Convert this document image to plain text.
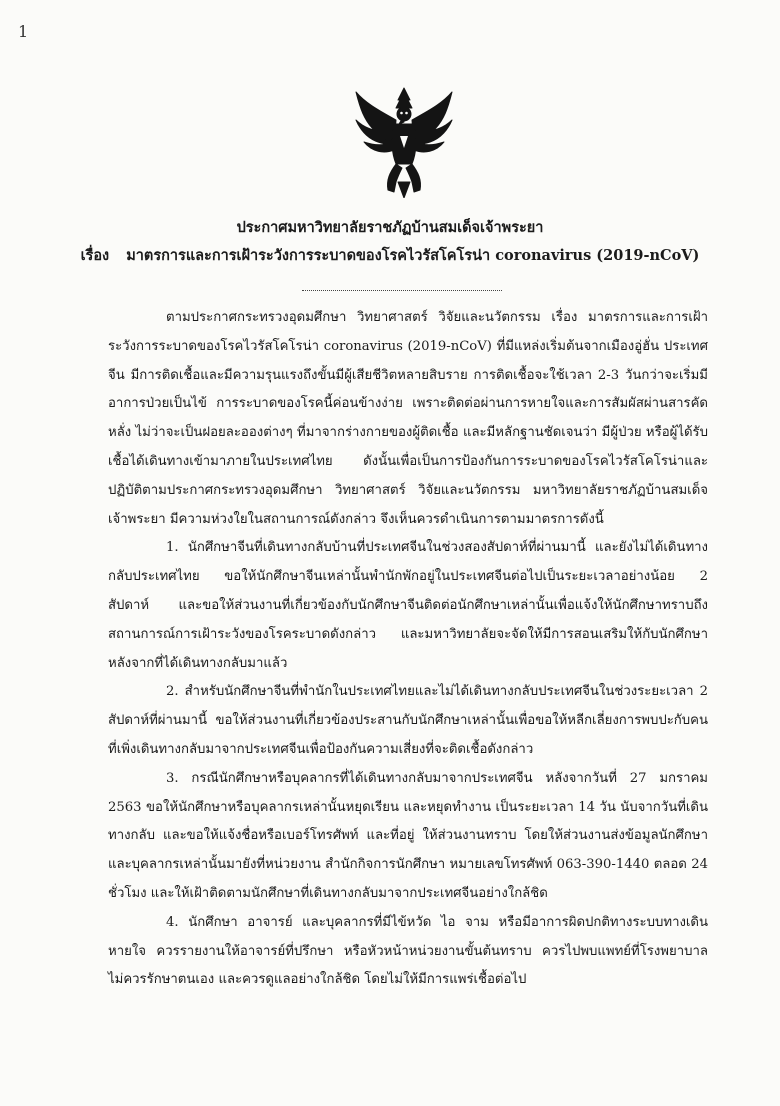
1
ประกาศมหาวิทยาลัยราชภัฏบ้านสมเด็จเจ้าพระยา
เรื่อง มาตรการและการเฝ้าระวังการระบาดของโรคไวรัสโคโรน่า coronavirus (2019-nCoV)

ตามประกาศกระทรวงอุดมศึกษา วิทยาศาสตร์ วิจัยและนวัตกรรม เรื่อง มาตรการและการเฝ้าระวังการระบาดของโรคไวรัสโคโรน่า coronavirus (2019-nCoV) ที่มีแหล่งเริ่มต้นจากเมืองอู่ฮั่น ประเทศจีน มีการติดเชื้อและมีความรุนแรงถึงขั้นมีผู้เสียชีวิตหลายสิบราย การติดเชื้อจะใช้เวลา 2-3 วันกว่าจะเริ่มมีอาการป่วยเป็นไข้ การระบาดของโรคนี้ค่อนข้างง่าย เพราะติดต่อผ่านการหายใจและการสัมผัสผ่านสารคัดหลั่ง ไม่ว่าจะเป็นฝอยละอองต่างๆ ที่มาจากร่างกายของผู้ติดเชื้อ และมีหลักฐานชัดเจนว่า มีผู้ป่วย หรือผู้ได้รับเชื้อได้เดินทางเข้ามาภายในประเทศไทย ดังนั้นเพื่อเป็นการป้องกันการระบาดของโรคไวรัสโคโรน่าและปฏิบัติตามประกาศกระทรวงอุดมศึกษา วิทยาศาสตร์ วิจัยและนวัตกรรม มหาวิทยาลัยราชภัฏบ้านสมเด็จเจ้าพระยา มีความห่วงใยในสถานการณ์ดังกล่าว จึงเห็นควรดำเนินการตามมาตรการดังนี้

1. นักศึกษาจีนที่เดินทางกลับบ้านที่ประเทศจีนในช่วงสองสัปดาห์ที่ผ่านมานี้ และยังไม่ได้เดินทางกลับประเทศไทย ขอให้นักศึกษาจีนเหล่านั้นพำนักพักอยู่ในประเทศจีนต่อไปเป็นระยะเวลาอย่างน้อย 2 สัปดาห์ และขอให้ส่วนงานที่เกี่ยวข้องกับนักศึกษาจีนติดต่อนักศึกษาเหล่านั้นเพื่อแจ้งให้นักศึกษาทราบถึงสถานการณ์การเฝ้าระวังของโรคระบาดดังกล่าว และมหาวิทยาลัยจะจัดให้มีการสอนเสริมให้กับนักศึกษาหลังจากที่ได้เดินทางกลับมาแล้ว

2. สำหรับนักศึกษาจีนที่พำนักในประเทศไทยและไม่ได้เดินทางกลับประเทศจีนในช่วงระยะเวลา 2 สัปดาห์ที่ผ่านมานี้ ขอให้ส่วนงานที่เกี่ยวข้องประสานกับนักศึกษาเหล่านั้นเพื่อขอให้หลีกเลี่ยงการพบปะกับคนที่เพิ่งเดินทางกลับมาจากประเทศจีนเพื่อป้องกันความเสี่ยงที่จะติดเชื้อดังกล่าว

3. กรณีนักศึกษาหรือบุคลากรที่ได้เดินทางกลับมาจากประเทศจีน หลังจากวันที่ 27 มกราคม 2563 ขอให้นักศึกษาหรือบุคลากรเหล่านั้นหยุดเรียน และหยุดทำงาน เป็นระยะเวลา 14 วัน นับจากวันที่เดินทางกลับ และขอให้แจ้งชื่อหรือเบอร์โทรศัพท์ และที่อยู่ ให้ส่วนงานทราบ โดยให้ส่วนงานส่งข้อมูลนักศึกษาและบุคลากรเหล่านั้นมายังที่หน่วยงาน สำนักกิจการนักศึกษา หมายเลขโทรศัพท์ 063-390-1440 ตลอด 24 ชั่วโมง และให้เฝ้าติดตามนักศึกษาที่เดินทางกลับมาจากประเทศจีนอย่างใกล้ชิด

4. นักศึกษา อาจารย์ และบุคลากรที่มีไข้หวัด ไอ จาม หรือมีอาการผิดปกติทางระบบทางเดินหายใจ ควรรายงานให้อาจารย์ที่ปรึกษา หรือหัวหน้าหน่วยงานขั้นต้นทราบ ควรไปพบแพทย์ที่โรงพยาบาล ไม่ควรรักษาตนเอง และควรดูแลอย่างใกล้ชิด โดยไม่ให้มีการแพร่เชื้อต่อไป
